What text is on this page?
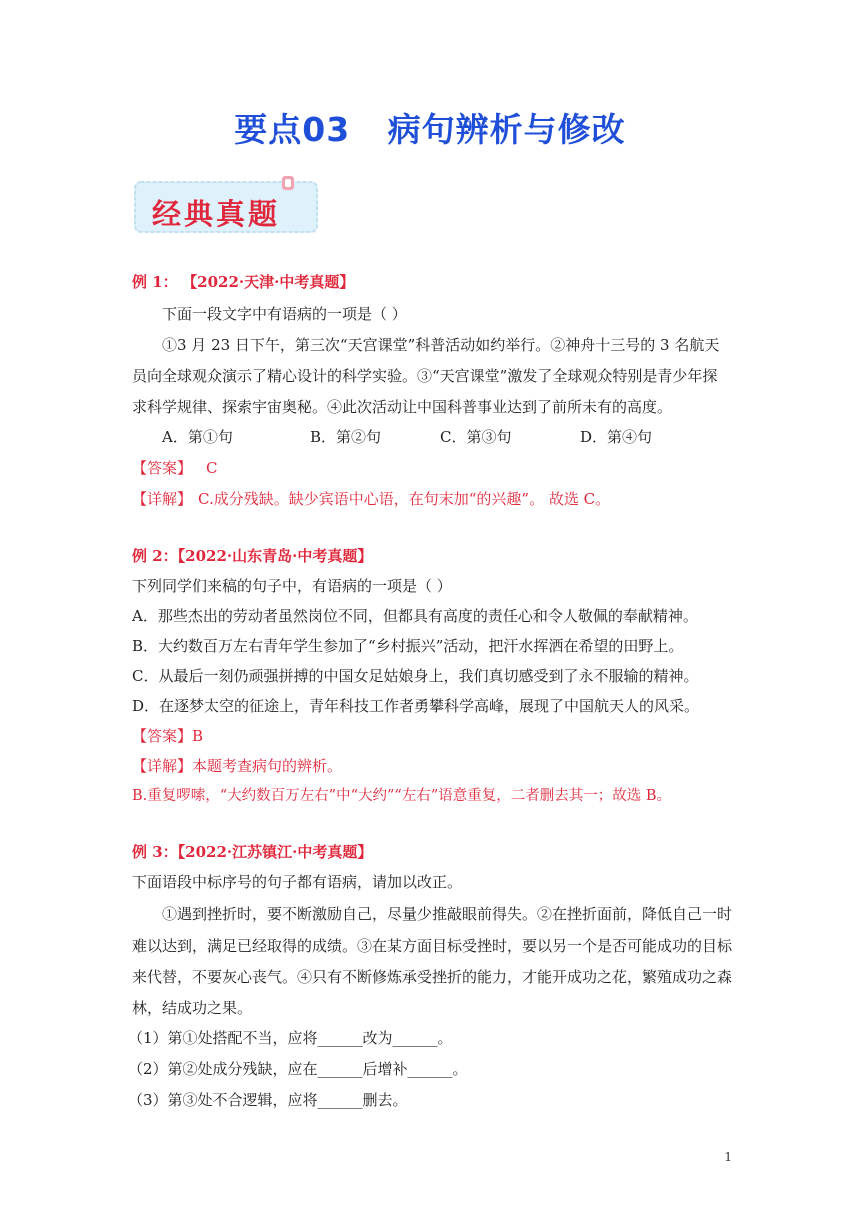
要点03   病句辨析与修改
经典真题
例 1： 【2022·天津·中考真题】
下面一段文字中有语病的一项是（ ）
①3 月 23 日下午，第三次“天宫课堂”科普活动如约举行。②神舟十三号的 3 名航天
员向全球观众演示了精心设计的科学实验。③“天宫课堂”激发了全球观众特别是青少年探
求科学规律、探索宇宙奥秘。④此次活动让中国科普事业达到了前所未有的高度。
A．第①句	B．第②句	C．第③句	D．第④句
【答案】 C
【详解】 C.成分残缺。缺少宾语中心语，在句末加“的兴趣”。 故选 C。
例 2：【2022·山东青岛·中考真题】
下列同学们来稿的句子中，有语病的一项是（ ）
A．那些杰出的劳动者虽然岗位不同，但都具有高度的责任心和令人敬佩的奉献精神。
B．大约数百万左右青年学生参加了“乡村振兴”活动，把汗水挥洒在希望的田野上。
C．从最后一刻仍顽强拼搏的中国女足姑娘身上，我们真切感受到了永不服输的精神。
D．在逐梦太空的征途上，青年科技工作者勇攀科学高峰，展现了中国航天人的风采。
【答案】B
【详解】本题考查病句的辨析。
B.重复啰嗦，“大约数百万左右”中“大约”“左右”语意重复，二者删去其一；故选 B。
例 3：【2022·江苏镇江·中考真题】
下面语段中标序号的句子都有语病，请加以改正。
①遇到挫折时，要不断激励自己，尽量少推敲眼前得失。②在挫折面前，降低自己一时
难以达到，满足已经取得的成绩。③在某方面目标受挫时，要以另一个是否可能成功的目标
来代替，不要灰心丧气。④只有不断修炼承受挫折的能力，才能开成功之花，繁殖成功之森
林，结成功之果。
（1）第①处搭配不当，应将______改为______。
（2）第②处成分残缺，应在______后增补______。
（3）第③处不合逻辑，应将______删去。
1
